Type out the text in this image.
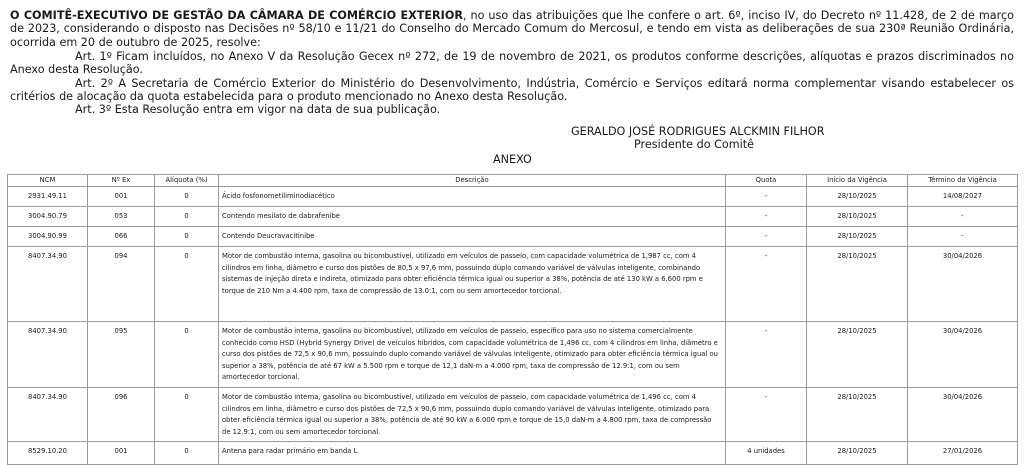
O COMITÊ-EXECUTIVO DE GESTÃO DA CÂMARA DE COMÉRCIO EXTERIOR, no uso das atribuições que lhe confere o art. 6º, inciso IV, do Decreto nº 11.428, de 2 de março de 2023, considerando o disposto nas Decisões nº 58/10 e 11/21 do Conselho do Mercado Comum do Mercosul, e tendo em vista as deliberações de sua 230ª Reunião Ordinária, ocorrida em 20 de outubro de 2025, resolve:

Art. 1º Ficam incluídos, no Anexo V da Resolução Gecex nº 272, de 19 de novembro de 2021, os produtos conforme descrições, alíquotas e prazos discriminados no Anexo desta Resolução.

Art. 2º A Secretaria de Comércio Exterior do Ministério do Desenvolvimento, Indústria, Comércio e Serviços editará norma complementar visando estabelecer os critérios de alocação da quota estabelecida para o produto mencionado no Anexo desta Resolução.

Art. 3º Esta Resolução entra em vigor na data de sua publicação.

GERALDO JOSÉ RODRIGUES ALCKMIN FILHOR
Presidente do Comitê
ANEXO
NCM	Nº Ex	Alíquota (%)	Descrição	Quota	Início da Vigência	Término da Vigência
2931.49.11	001	0	Ácido fosfonometiliminodiacético	-	28/10/2025	14/08/2027
3004.90.79	053	0	Contendo mesilato de dabrafenibe	-	28/10/2025	-
3004.90.99	066	0	Contendo Deucravacitinibe	-	28/10/2025	-
8407.34.90	094	0	Motor de combustão interna, gasolina ou bicombustível, utilizado em veículos de passeio, com capacidade volumétrica de 1,987 cc, com 4 cilindros em linha, diâmetro e curso dos pistões de 80,5 x 97,6 mm, possuindo duplo comando variável de válvulas inteligente, combinando sistemas de injeção direta e indireta, otimizado para obter eficiência térmica igual ou superior a 38%, potência de até 130 kW a 6.600 rpm e torque de 210 Nm a 4.400 rpm, taxa de compressão de 13.0:1, com ou sem amortecedor torcional.	-	28/10/2025	30/04/2026
8407.34.90	095	0	Motor de combustão interna, gasolina ou bicombustível, utilizado em veículos de passeio, específico para uso no sistema comercialmente conhecido como HSD (Hybrid Synergy Drive) de veículos híbridos, com capacidade volumétrica de 1,496 cc, com 4 cilindros em linha, diâmetro e curso dos pistões de 72,5 x 90,6 mm, possuindo duplo comando variável de válvulas inteligente, otimizado para obter eficiência térmica igual ou superior a 38%, potência de até 67 kW a 5.500 rpm e torque de 12,1 daN-m a 4.000 rpm, taxa de compressão de 12.9:1, com ou sem amortecedor torcional.	-	28/10/2025	30/04/2026
8407.34.90	096	0	Motor de combustão interna, gasolina ou bicombustível, utilizado em veículos de passeio, com capacidade volumétrica de 1,496 cc, com 4 cilindros em linha, diâmetro e curso dos pistões de 72,5 x 90,6 mm, possuindo duplo comando variável de válvulas inteligente, otimizado para obter eficiência térmica igual ou superior a 38%, potência de até 90 kW a 6.000 rpm e torque de 15,0 daN-m a 4.800 rpm, taxa de compressão de 12.9:1, com ou sem amortecedor torcional.	-	28/10/2025	30/04/2026
8529.10.20	001	0	Antena para radar primário em banda L	4 unidades	28/10/2025	27/01/2026
